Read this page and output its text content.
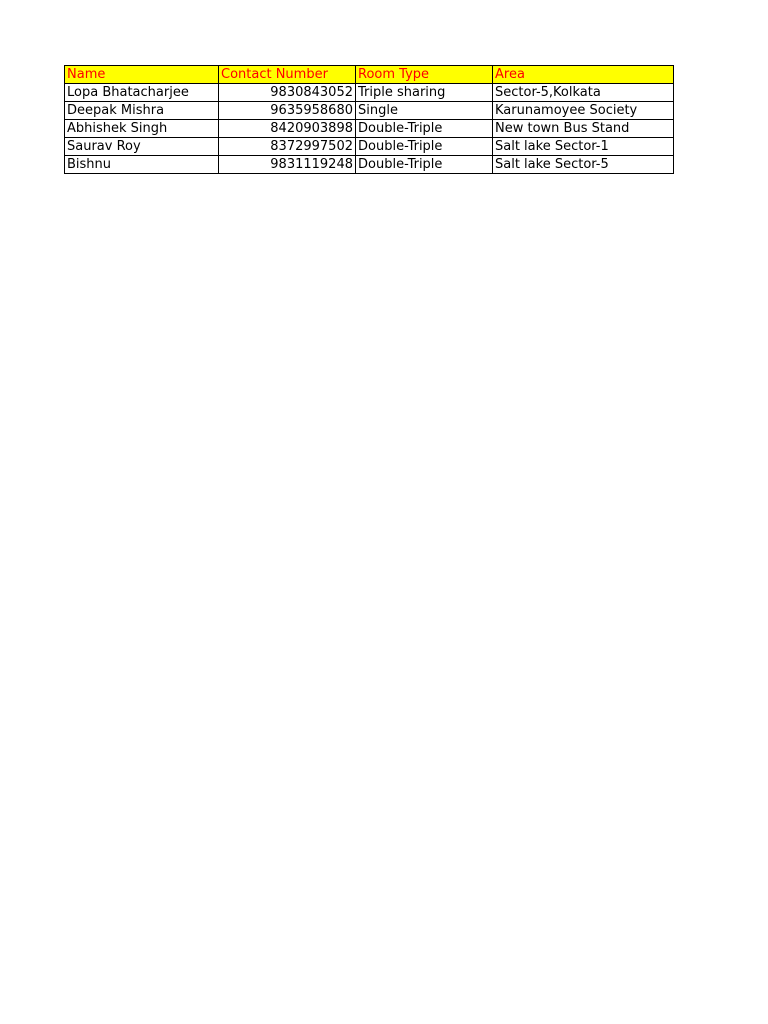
Name	Contact Number	Room Type	Area
Lopa Bhatacharjee	9830843052	Triple sharing	Sector-5,Kolkata
Deepak Mishra	9635958680	Single	Karunamoyee Society
Abhishek Singh	8420903898	Double-Triple	New town Bus Stand
Saurav Roy	8372997502	Double-Triple	Salt lake Sector-1
Bishnu	9831119248	Double-Triple	Salt lake Sector-5
